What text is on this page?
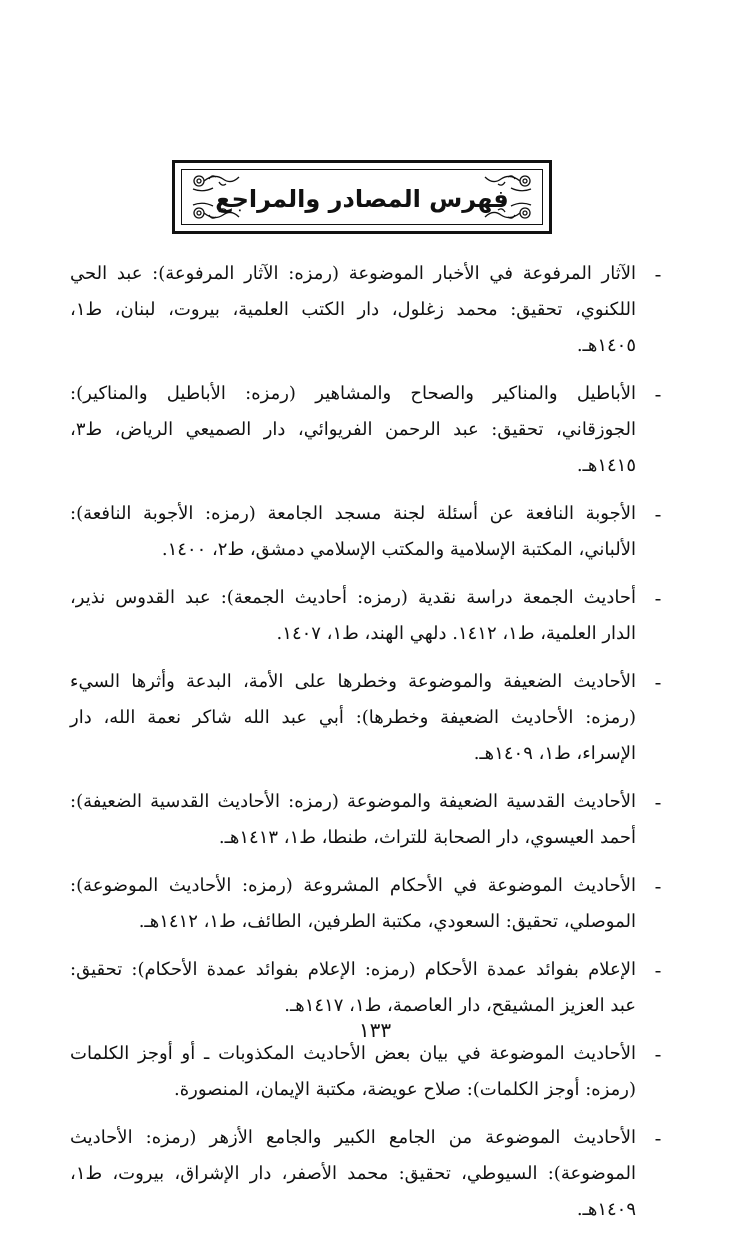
فهرس المصادر والمراجع
-
الآثار المرفوعة في الأخبار الموضوعة (رمزه: الآثار المرفوعة): عبد الحي اللكنوي، تحقيق: محمد زغلول، دار الكتب العلمية، بيروت، لبنان، ط١، ١٤٠٥هـ.
-
الأباطيل والمناكير والصحاح والمشاهير (رمزه: الأباطيل والمناكير): الجوزقاني، تحقيق: عبد الرحمن الفريوائي، دار الصميعي الرياض، ط٣، ١٤١٥هـ.
-
الأجوبة النافعة عن أسئلة لجنة مسجد الجامعة (رمزه: الأجوبة النافعة): الألباني، المكتبة الإسلامية والمكتب الإسلامي دمشق، ط٢، ١٤٠٠.
-
أحاديث الجمعة دراسة نقدية (رمزه: أحاديث الجمعة): عبد القدوس نذير، الدار العلمية، ط١، ١٤١٢. دلهي الهند، ط١، ١٤٠٧.
-
الأحاديث الضعيفة والموضوعة وخطرها على الأمة، البدعة وأثرها السيء (رمزه: الأحاديث الضعيفة وخطرها): أبي عبد الله شاكر نعمة الله، دار الإسراء، ط١، ١٤٠٩هـ.
-
الأحاديث القدسية الضعيفة والموضوعة (رمزه: الأحاديث القدسية الضعيفة): أحمد العيسوي، دار الصحابة للتراث، طنطا، ط١، ١٤١٣هـ.
-
الأحاديث الموضوعة في الأحكام المشروعة (رمزه: الأحاديث الموضوعة): الموصلي، تحقيق: السعودي، مكتبة الطرفين، الطائف، ط١، ١٤١٢هـ.
-
الإعلام بفوائد عمدة الأحكام (رمزه: الإعلام بفوائد عمدة الأحكام): تحقيق: عبد العزيز المشيقح، دار العاصمة، ط١، ١٤١٧هـ.
-
الأحاديث الموضوعة في بيان بعض الأحاديث المكذوبات ـ أو أوجز الكلمات (رمزه: أوجز الكلمات): صلاح عويضة، مكتبة الإيمان، المنصورة.
-
الأحاديث الموضوعة من الجامع الكبير والجامع الأزهر (رمزه: الأحاديث الموضوعة): السيوطي، تحقيق: محمد الأصفر، دار الإشراق، بيروت، ط١، ١٤٠٩هـ.
١٣٣
